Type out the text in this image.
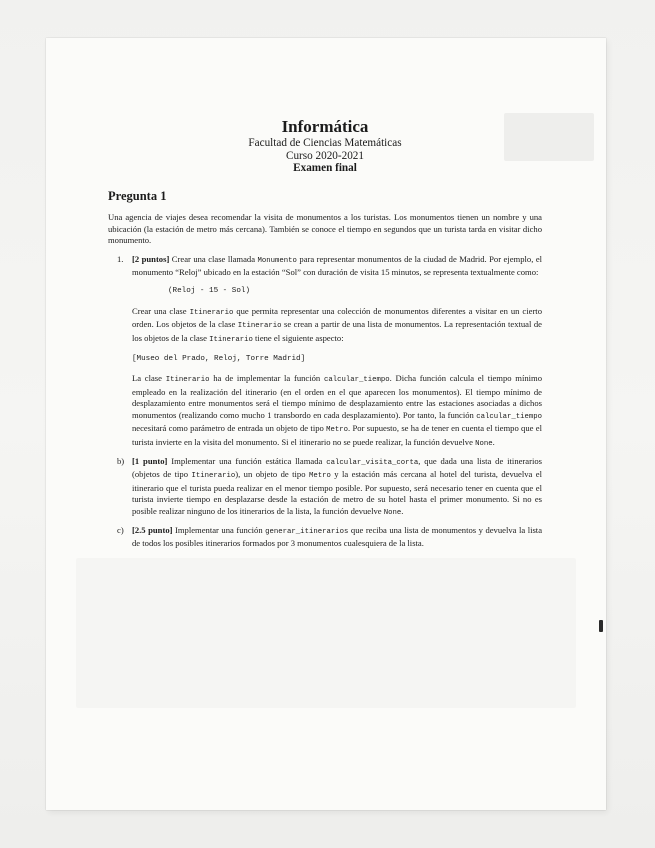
Informática
Facultad de Ciencias Matemáticas
Curso 2020-2021
Examen final
Pregunta 1

Una agencia de viajes desea recomendar la visita de monumentos a los turistas. Los monumentos tienen un nombre y una ubicación (la estación de metro más cercana). También se conoce el tiempo en segundos que un turista tarda en visitar dicho monumento.

1. [2 puntos] Crear una clase llamada Monumento para representar monumentos de la ciudad de Madrid. Por ejemplo, el monumento “Reloj” ubicado en la estación “Sol” con duración de visita 15 minutos, se representa textualmente como:

(Reloj - 15 - Sol)

Crear una clase Itinerario que permita representar una colección de monumentos diferentes a visitar en un cierto orden. Los objetos de la clase Itinerario se crean a partir de una lista de monumentos. La representación textual de los objetos de la clase Itinerario tiene el siguiente aspecto:

[Museo del Prado, Reloj, Torre Madrid]

La clase Itinerario ha de implementar la función calcular_tiempo. Dicha función calcula el tiempo mínimo empleado en la realización del itinerario (en el orden en el que aparecen los monumentos). El tiempo mínimo de desplazamiento entre monumentos será el tiempo mínimo de desplazamiento entre las estaciones asociadas a dichos monumentos (realizando como mucho 1 transbordo en cada desplazamiento). Por tanto, la función calcular_tiempo necesitará como parámetro de entrada un objeto de tipo Metro. Por supuesto, se ha de tener en cuenta el tiempo que el turista invierte en la visita del monumento. Si el itinerario no se puede realizar, la función devuelve None.

b) [1 punto] Implementar una función estática llamada calcular_visita_corta, que dada una lista de itinerarios (objetos de tipo Itinerario), un objeto de tipo Metro y la estación más cercana al hotel del turista, devuelva el itinerario que el turista pueda realizar en el menor tiempo posible. Por supuesto, será necesario tener en cuenta que el turista invierte tiempo en desplazarse desde la estación de metro de su hotel hasta el primer monumento. Si no es posible realizar ninguno de los itinerarios de la lista, la función devuelve None.

c) [2.5 punto] Implementar una función generar_itinerarios que reciba una lista de monumentos y devuelva la lista de todos los posibles itinerarios formados por 3 monumentos cualesquiera de la lista.
